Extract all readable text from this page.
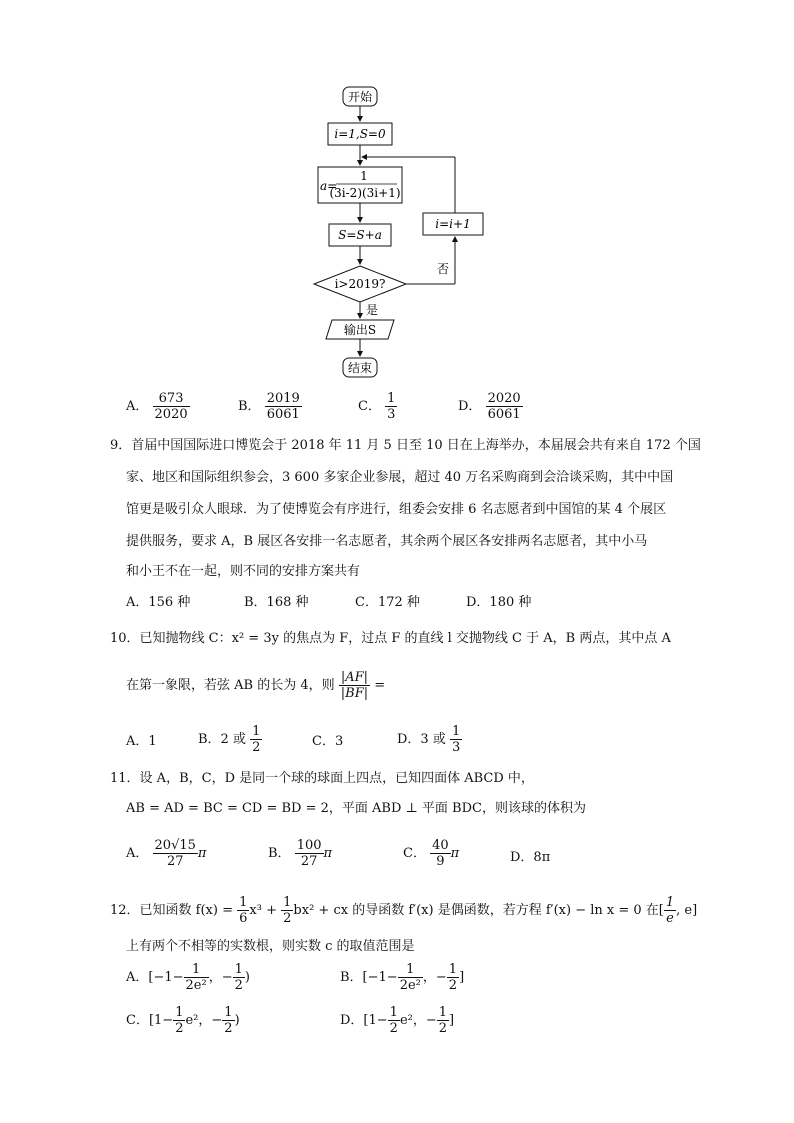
开始
i=1,S=0
a=
1
(3i-2)(3i+1)
S=S+a
i>2019?
否
i=i+1
是
输出S
结束
A． $\frac{673}{2020}$	B． $\frac{2019}{6061}$	C． $\frac{1}{3}$	D． $\frac{2020}{6061}$
9．首届中国国际进口博览会于 2018 年 11 月 5 日至 10 日在上海举办，本届展会共有来自 172 个国
家、地区和国际组织参会，3 600 多家企业参展，超过 40 万名采购商到会洽谈采购，其中中国
馆更是吸引众人眼球．为了使博览会有序进行，组委会安排 6 名志愿者到中国馆的某 4 个展区
提供服务，要求 A，B 展区各安排一名志愿者，其余两个展区各安排两名志愿者，其中小马
和小王不在一起，则不同的安排方案共有
A．156 种	B．168 种	C．172 种	D．180 种
10．已知抛物线 C：x² = 3y 的焦点为 F，过点 F 的直线 l 交抛物线 C 于 A，B 两点，其中点 A
在第一象限，若弦 AB 的长为 4，则 $\frac{|AF|}{|BF|}$ =
A．1	B．2 或 $\frac{1}{2}$	C．3	D．3 或 $\frac{1}{3}$
11．设 A，B，C，D 是同一个球的球面上四点，已知四面体 ABCD 中，
AB = AD = BC = CD = BD = 2，平面 ABD ⊥ 平面 BDC，则该球的体积为
A． $\frac{20√15}{27}$ π	B． $\frac{100}{27}$ π	C． $\frac{40}{9}$ π	D．8π
12．已知函数 $f(x) = \frac{1}{6} x^3 + \frac{1}{2} bx^2$ + cx 的导函数 f′(x) 是偶函数，若方程 f′(x) − ln x = 0 在[ $\frac{1}{e}$ , e]
上有两个不相等的实数根，则实数 c 的取值范围是
A．[$-1- \frac{1}{\text{2e²}}$ ，− $\frac{1}{2}$ )	B．[$-1- \frac{1}{\text{2e²}}$ ，− $\frac{1}{2}$ ]
C．[$1- \frac{1}{2} e^2$，− $\frac{1}{2}$ )	D．[$1- \frac{1}{2} e^2$，− $\frac{1}{2}$ ]
